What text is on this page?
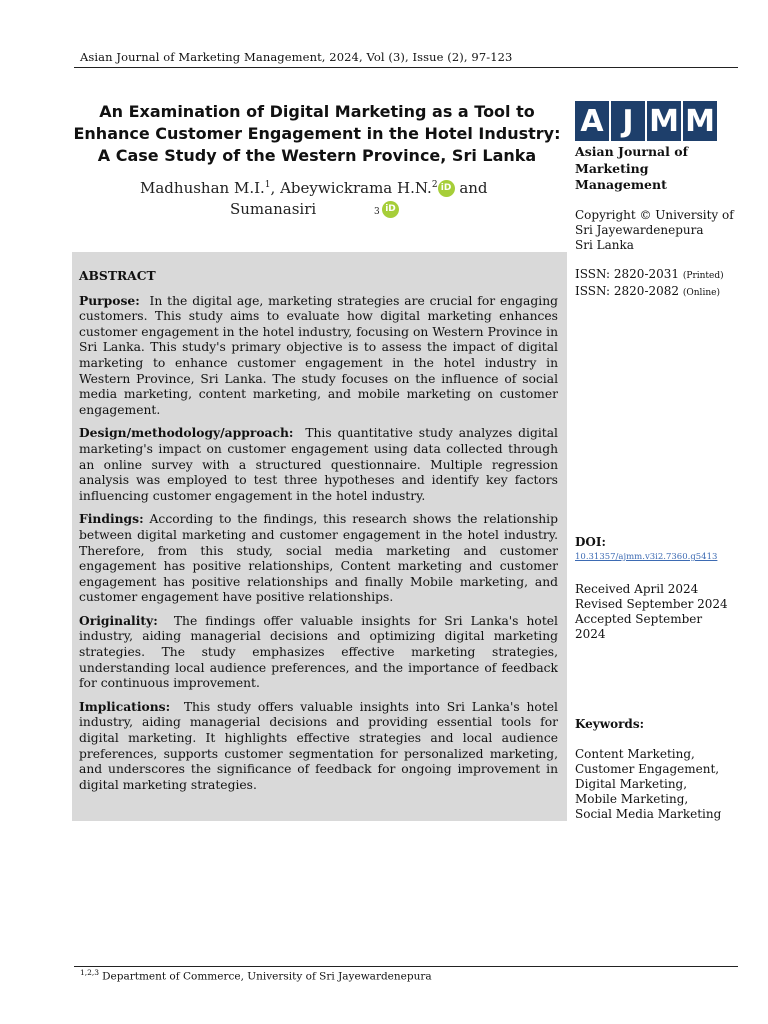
Asian Journal of Marketing Management, 2024, Vol (3), Issue (2), 97-123
An Examination of Digital Marketing as a Tool to Enhance Customer Engagement in the Hotel Industry: A Case Study of the Western Province, Sri Lanka
Madhushan M.I.$^1$, Abeywickrama H.N.$^2$ iD and
Sumanasiri	3 iD
A J M M
Asian Journal of Marketing Management
Copyright © University of
Sri Jayewardenepura
Sri Lanka
ISSN: 2820-2031 (Printed)
ISSN: 2820-2082 (Online)
DOI:
10.31357/ajmm.v3i2.7360.g5413
Received April 2024
Revised September 2024
Accepted September 2024
Keywords:
Content Marketing, Customer Engagement, Digital Marketing, Mobile Marketing, Social Media Marketing

ABSTRACT

Purpose: In the digital age, marketing strategies are crucial for engaging customers. This study aims to evaluate how digital marketing enhances customer engagement in the hotel industry, focusing on Western Province in Sri Lanka. This study's primary objective is to assess the impact of digital marketing to enhance customer engagement in the hotel industry in Western Province, Sri Lanka. The study focuses on the influence of social media marketing, content marketing, and mobile marketing on customer engagement.

Design/methodology/approach: This quantitative study analyzes digital marketing's impact on customer engagement using data collected through an online survey with a structured questionnaire. Multiple regression analysis was employed to test three hypotheses and identify key factors influencing customer engagement in the hotel industry.

Findings: According to the findings, this research shows the relationship between digital marketing and customer engagement in the hotel industry. Therefore, from this study, social media marketing and customer engagement has positive relationships, Content marketing and customer engagement has positive relationships and finally Mobile marketing, and customer engagement have positive relationships.

Originality: The findings offer valuable insights for Sri Lanka's hotel industry, aiding managerial decisions and optimizing digital marketing strategies. The study emphasizes effective marketing strategies, understanding local audience preferences, and the importance of feedback for continuous improvement.

Implications: This study offers valuable insights into Sri Lanka's hotel industry, aiding managerial decisions and providing essential tools for digital marketing. It highlights effective strategies and local audience preferences, supports customer segmentation for personalized marketing, and underscores the significance of feedback for ongoing improvement in digital marketing strategies.

$^{1,2,3}$ Department of Commerce, University of Sri Jayewardenepura
